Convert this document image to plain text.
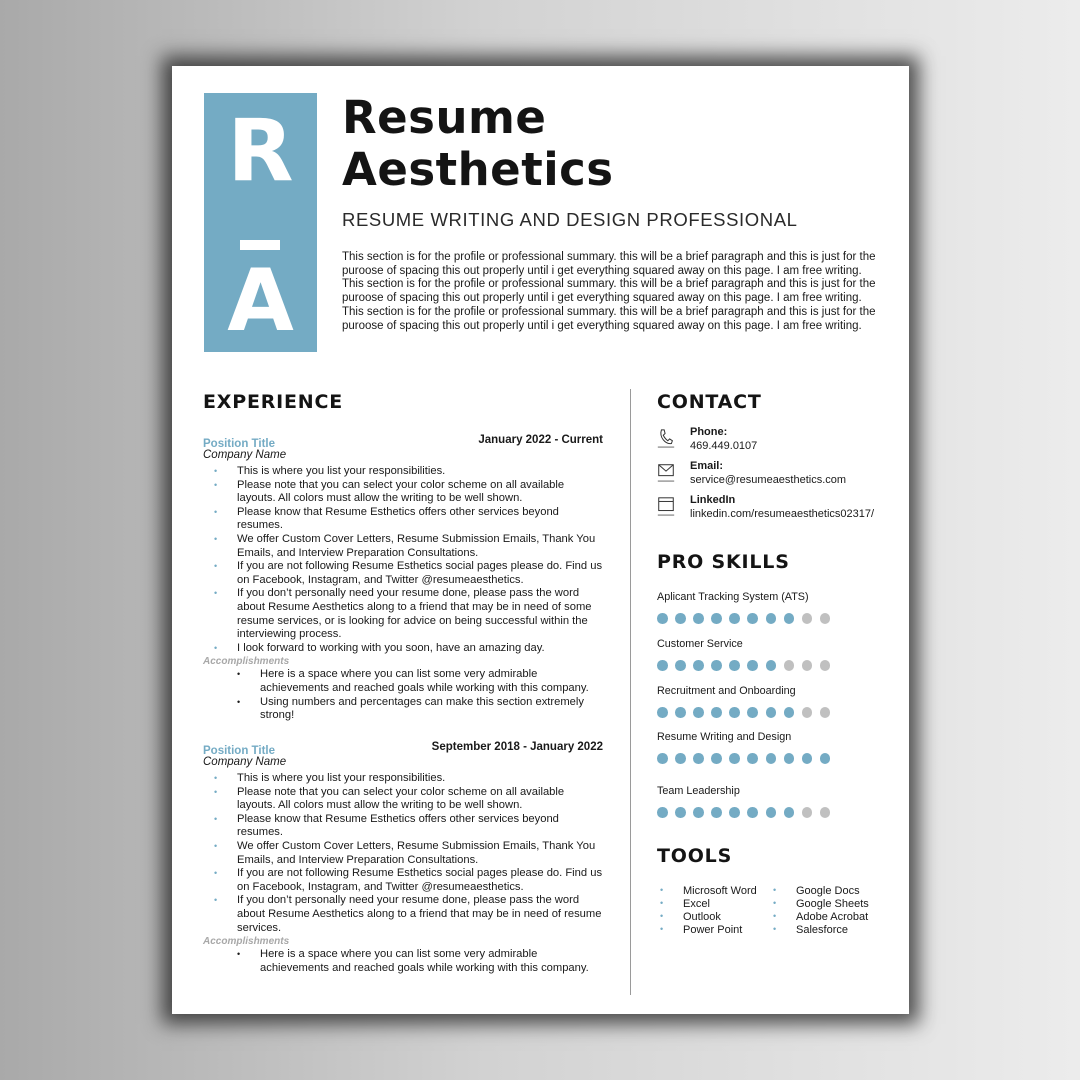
R
A
Resume
Aesthetics
RESUME WRITING AND DESIGN PROFESSIONAL
This section is for the profile or professional summary. this will be a brief paragraph and this is just for the puroose of spacing this out properly until i get everything squared away on this page. I am free writing. This section is for the profile or professional summary. this will be a brief paragraph and this is just for the puroose of spacing this out properly until i get everything squared away on this page. I am free writing. This section is for the profile or professional summary. this will be a brief paragraph and this is just for the puroose of spacing this out properly until i get everything squared away on this page. I am free writing.
EXPERIENCE
Position Title	January 2022 - Current
Company Name
• This is where you list your responsibilities.
• Please note that you can select your color scheme on all available layouts. All colors must allow the writing to be well shown.
• Please know that Resume Esthetics offers other services beyond resumes.
• We offer Custom Cover Letters, Resume Submission Emails, Thank You Emails, and Interview Preparation Consultations.
• If you are not following Resume Esthetics social pages please do. Find us on Facebook, Instagram, and Twitter @resumeaesthetics.
• If you don’t personally need your resume done, please pass the word about Resume Aesthetics along to a friend that may be in need of some resume services, or is looking for advice on being successful within the interviewing process.
• I look forward to working with you soon, have an amazing day.
Accomplishments
• Here is a space where you can list some very admirable achievements and reached goals while working with this company.
• Using numbers and percentages can make this section extremely strong!
Position Title	September 2018 - January 2022
Company Name
• This is where you list your responsibilities.
• Please note that you can select your color scheme on all available layouts. All colors must allow the writing to be well shown.
• Please know that Resume Esthetics offers other services beyond resumes.
• We offer Custom Cover Letters, Resume Submission Emails, Thank You Emails, and Interview Preparation Consultations.
• If you are not following Resume Esthetics social pages please do. Find us on Facebook, Instagram, and Twitter @resumeaesthetics.
• If you don’t personally need your resume done, please pass the word about Resume Aesthetics along to a friend that may be in need of resume services.
Accomplishments
• Here is a space where you can list some very admirable achievements and reached goals while working with this company.
CONTACT
Phone:
469.449.0107
Email:
service@resumeaesthetics.com
LinkedIn
linkedin.com/resumeaesthetics02317/
PRO SKILLS
Aplicant Tracking System (ATS)
Customer Service
Recruitment and Onboarding
Resume Writing and Design
Team Leadership
TOOLS
• Microsoft Word
• Excel
• Outlook
• Power Point
• Google Docs
• Google Sheets
• Adobe Acrobat
• Salesforce
